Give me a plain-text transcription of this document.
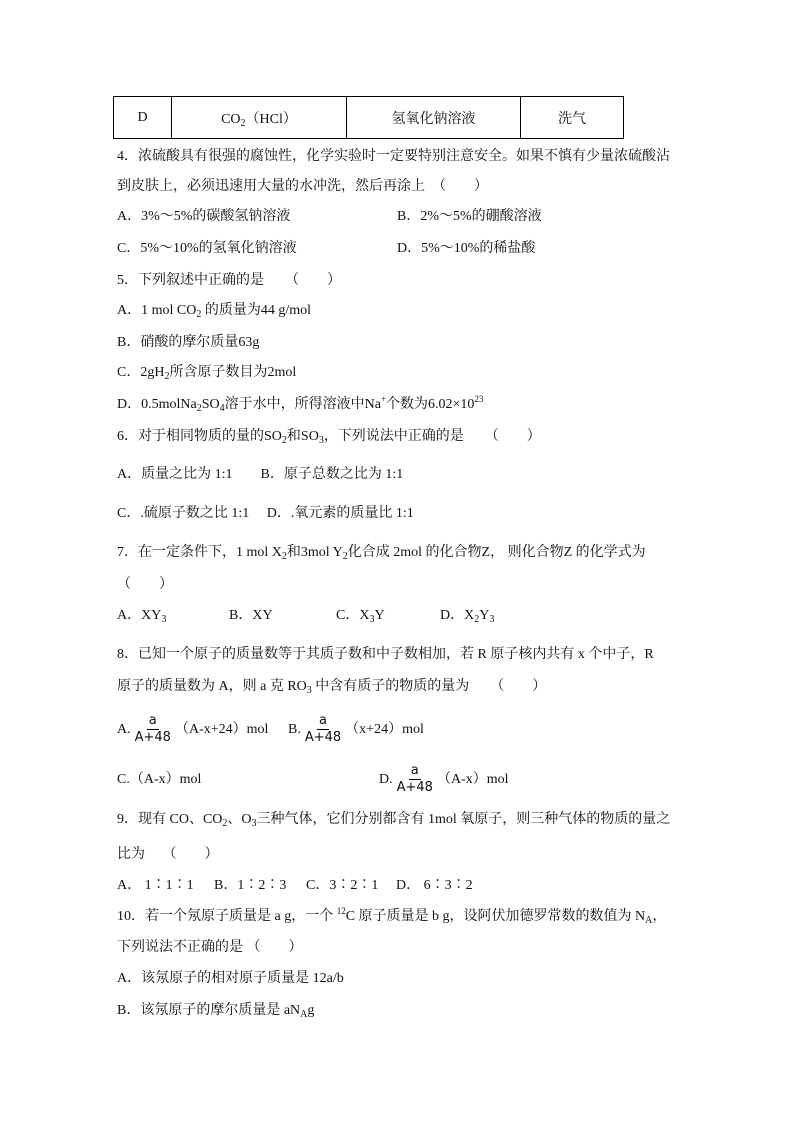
D	$CO_2(HCl)$	氢氧化钠溶液	洗气
4．浓硫酸具有很强的腐蚀性，化学实验时一定要特别注意安全。如果不慎有少量浓硫酸沾
到皮肤上，必须迅速用大量的水冲洗，然后再涂上　（　　）
A．3%～5%的碳酸氢钠溶液	B．2%～5%的硼酸溶液
C．5%～10%的氢氧化钠溶液	D．5%～10%的稀盐酸
5．下列叙述中正确的是　　（　　）
A．1 mol $CO_2$ 的质量为44 g/mol
B．硝酸的摩尔质量63g
C．$2gH_2$所含原子数目为2mol
D．$0.5molNa_2SO_4$溶于水中，所得溶液中Na+个数为$6.02\times 10^{23}$
6．对于相同物质的量的$SO_2$和$SO_3$，下列说法中正确的是　　（　　）
A．质量之比为 1:1　　B．原子总数之比为 1:1
C．.硫原子数之比 1:1　 D．.氧元素的质量比 1:1
7．在一定条件下，1 mol $X_2$和3mol $Y_2$化合成 2mol 的化合物Z， 则化合物Z 的化学式为
（　　）
A．$XY_3$	B．XY	C．$X_3Y$	D．$X_2Y_3$
8．已知一个原子的质量数等于其质子数和中子数相加，若 R 原子核内共有 x 个中子，R
原子的质量数为 A，则 a 克 $RO_3$ 中含有质子的物质的量为　　（　　）
A. $\frac{a}{A+48} (A-x+24)mol$ B. $\frac{a}{A+48} (x+24)mol$
C.（A-x）mol	D. $\frac{a}{A+48} (A-x)mol$
9．现有 CO、$CO_2$、$O_3$三种气体，它们分别都含有 1mol 氧原子，则三种气体的物质的量之
比为　 （　　）
A． 1∶1∶1 B．1∶2∶3 C．3∶2∶1 D． 6∶3∶2
10．若一个氖原子质量是 a g，一个 $^{12}$C 原子质量是 b g，设阿伏加德罗常数的数值为 $N_A$，
下列说法不正确的是 （　　）
A．该氖原子的相对原子质量是 12a/b
B．该氖原子的摩尔质量是 $aN_Ag$
